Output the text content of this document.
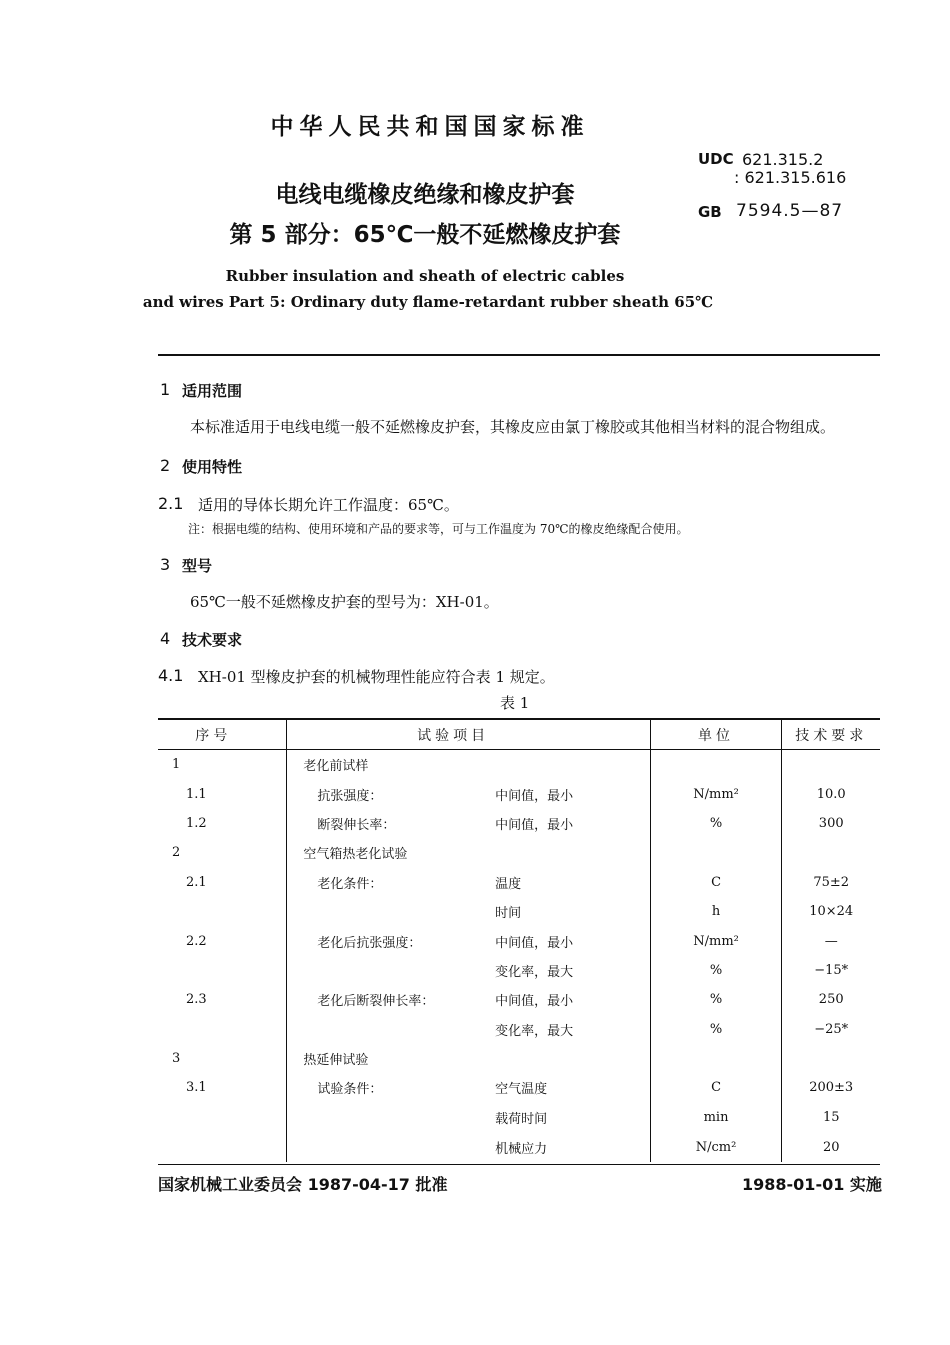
中华人民共和国国家标准
UDC 621.315.2
: 621.315.616
GB 7594.5—87
电线电缆橡皮绝缘和橡皮护套
第 5 部分：65℃一般不延燃橡皮护套
Rubber insulation and sheath of electric cables
and wires Part 5: Ordinary duty flame-retardant rubber sheath 65℃
1 适用范围
本标准适用于电线电缆一般不延燃橡皮护套，其橡皮应由氯丁橡胶或其他相当材料的混合物组成。
2 使用特性
2.1 适用的导体长期允许工作温度：65℃。
注：根据电缆的结构、使用环境和产品的要求等，可与工作温度为 70℃的橡皮绝缘配合使用。
3 型号
65℃一般不延燃橡皮护套的型号为：XH-01。
4 技术要求
4.1 XH-01 型橡皮护套的机械物理性能应符合表 1 规定。
表 1
序号	试验项目		单位	技术要求
1	老化前试样			
1.1	抗张强度：	中间值，最小	N/mm²	10.0
1.2	断裂伸长率：	中间值，最小	%	300
2	空气箱热老化试验			
2.1	老化条件：	温度	C	75±2
		时间	h	10×24
2.2	老化后抗张强度：	中间值，最小	N/mm²	—
		变化率，最大	%	−15*
2.3	老化后断裂伸长率：	中间值，最小	%	250
		变化率，最大	%	−25*
3	热延伸试验			
3.1	试验条件：	空气温度	C	200±3
		载荷时间	min	15
		机械应力	N/cm²	20
国家机械工业委员会 1987-04-17 批准	1988-01-01 实施
